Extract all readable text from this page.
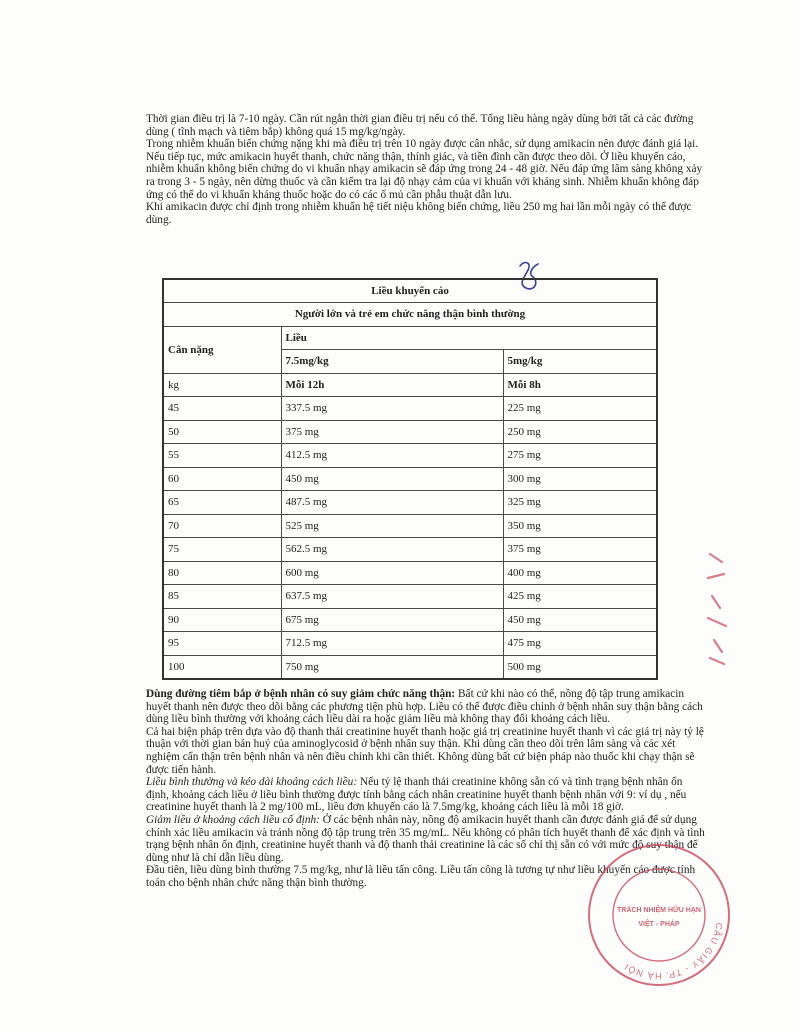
Thời gian điều trị là 7-10 ngày. Cần rút ngắn thời gian điều trị nếu có thể. Tổng liều hàng ngày dùng bởi tất cả các đường dùng ( tĩnh mạch và tiêm bắp) không quá 15 mg/kg/ngày.

Trong nhiễm khuẩn biến chứng nặng khi mà điều trị trên 10 ngày được cân nhắc, sử dụng amikacin nên được đánh giá lại.

Nếu tiếp tục, mức amikacin huyết thanh, chức năng thận, thính giác, và tiền đình cần được theo dõi. Ở liều khuyến cáo, nhiễm khuẩn không biến chứng do vi khuẩn nhạy amikacin sẽ đáp ứng trong 24 - 48 giờ. Nếu đáp ứng lâm sàng không xảy ra trong 3 - 5 ngày, nên dừng thuốc và cần kiểm tra lại độ nhạy cảm của vi khuẩn với kháng sinh. Nhiễm khuẩn không đáp ứng có thể do vi khuẩn kháng thuốc hoặc do có các ổ mủ cần phẫu thuật dẫn lưu.

Khi amikacin được chỉ định trong nhiễm khuẩn hệ tiết niệu không biến chứng, liều 250 mg hai lần mỗi ngày có thể được dùng.

Liều khuyến cáo		
Người lớn và trẻ em chức năng thận bình thường		
Cân nặng	Liều	
	7.5mg/kg	5mg/kg
kg	Mỗi 12h	Mỗi 8h
45	337.5 mg	225 mg
50	375 mg	250 mg
55	412.5 mg	275 mg
60	450 mg	300 mg
65	487.5 mg	325 mg
70	525 mg	350 mg
75	562.5 mg	375 mg
80	600 mg	400 mg
85	637.5 mg	425 mg
90	675 mg	450 mg
95	712.5 mg	475 mg
100	750 mg	500 mg

Dùng đường tiêm bắp ở bệnh nhân có suy giảm chức năng thận: Bất cứ khi nào có thể, nồng độ tập trung amikacin huyết thanh nên được theo dõi bằng các phương tiện phù hợp. Liều có thể được điều chỉnh ở bệnh nhân suy thận bằng cách dùng liều bình thường với khoảng cách liều dài ra hoặc giảm liều mà không thay đổi khoảng cách liều.

Cả hai biện pháp trên dựa vào độ thanh thải creatinine huyết thanh hoặc giá trị creatinine huyết thanh vì các giá trị này tỷ lệ thuận với thời gian bán huỷ của aminoglycosid ở bệnh nhân suy thận. Khi dùng cần theo dõi trên lâm sàng và các xét nghiệm cẩn thận trên bệnh nhân và nên điều chỉnh khi cần thiết. Không dùng bất cứ biện pháp nào thuốc khi chạy thận sẽ được tiến hành.

Liều bình thường và kéo dài khoảng cách liều: Nếu tỷ lệ thanh thải creatinine không sẵn có và tình trạng bệnh nhân ổn định, khoảng cách liều ở liều bình thường được tính bằng cách nhân creatinine huyết thanh bệnh nhân với 9: ví dụ , nếu creatinine huyết thanh là 2 mg/100 mL, liều đơn khuyến cáo là 7.5mg/kg, khoảng cách liều là mỗi 18 giờ.

Giảm liều ở khoảng cách liều cố định: Ở các bệnh nhân này, nồng độ amikacin huyết thanh cần được đánh giá để sử dụng chính xác liều amikacin và tránh nồng độ tập trung trên 35 mg/mL. Nếu không có phân tích huyết thanh để xác định và tình trạng bệnh nhân ổn định, creatinine huyết thanh và độ thanh thải creatinine là các số chỉ thị sẵn có với mức độ suy thận để dùng như là chỉ dẫn liều dùng.

Đầu tiên, liều dùng bình thường 7.5 mg/kg, như là liều tấn công. Liều tấn công là tương tự như liều khuyến cáo được tính toán cho bệnh nhân chức năng thận bình thường.

CẦU GIẤY - TP. HÀ NỘI
TRÁCH NHIỆM HỮU HẠN
VIỆT - PHÁP
